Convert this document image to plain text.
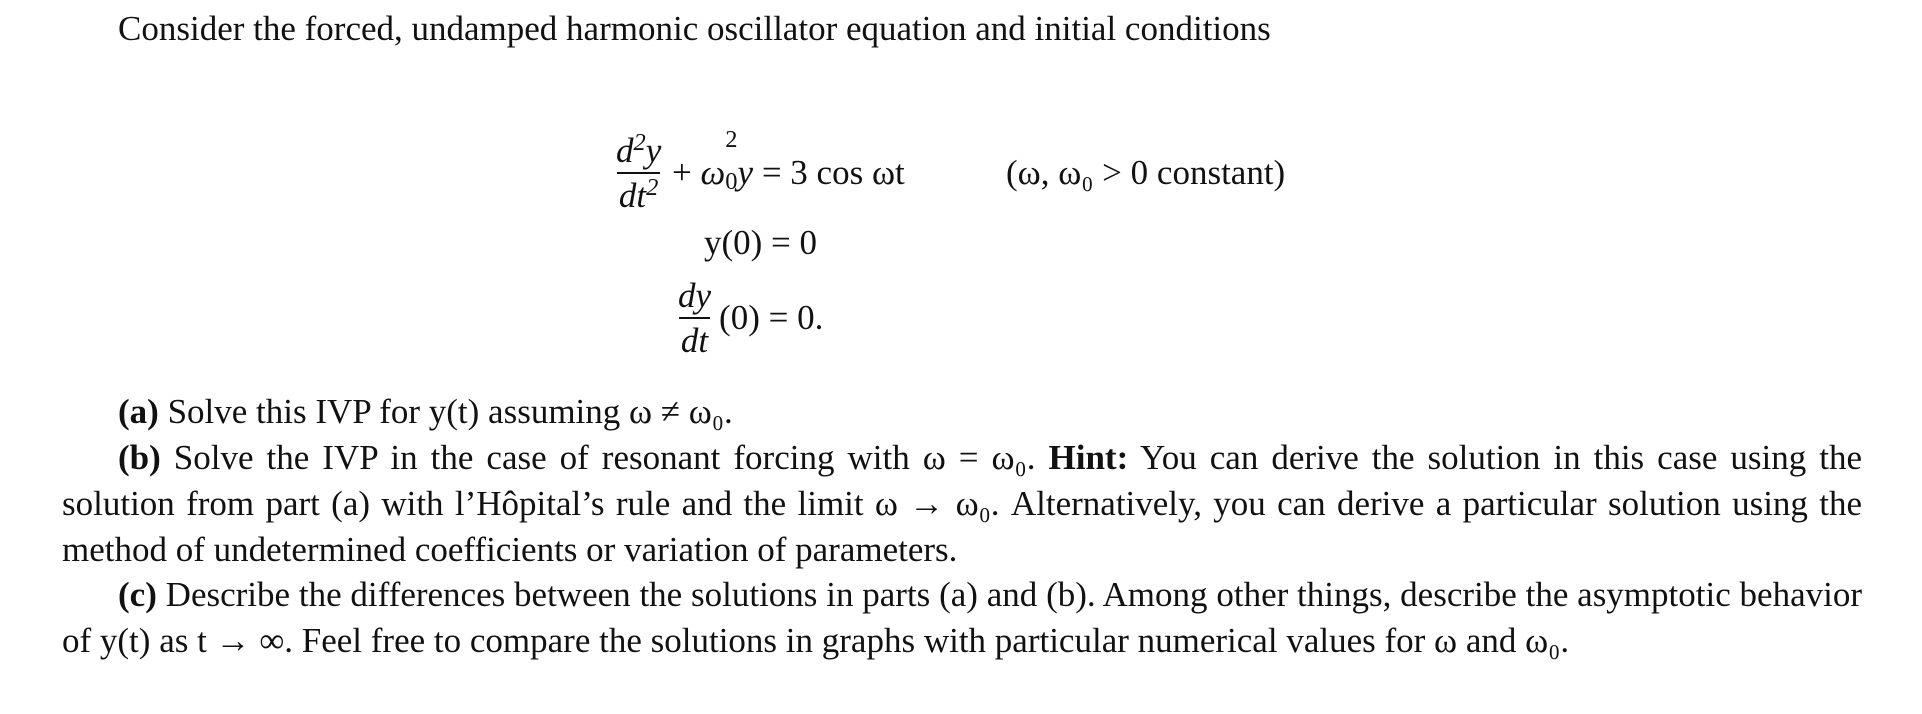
Consider the forced, undamped harmonic oscillator equation and initial conditions
$\frac{d^2y}{dt^2} + \omega$
$_{2 0}$y = 3 cos ωt	(ω, ω₀ > 0 constant)
y(0) = 0
$\frac{dy}{dt} (0) = 0$.
(a) Solve this IVP for y(t) assuming ω ≠ ω₀.
(b) Solve the IVP in the case of resonant forcing with ω = ω₀. Hint: You can derive the solution in this case using the solution from part (a) with l’Hôpital’s rule and the limit ω → ω₀. Alternatively, you can derive a particular solution using the method of undetermined coefficients or variation of parameters.
(c) Describe the differences between the solutions in parts (a) and (b). Among other things, describe the asymptotic behavior of y(t) as t → ∞. Feel free to compare the solutions in graphs with particular numerical values for ω and ω₀.
